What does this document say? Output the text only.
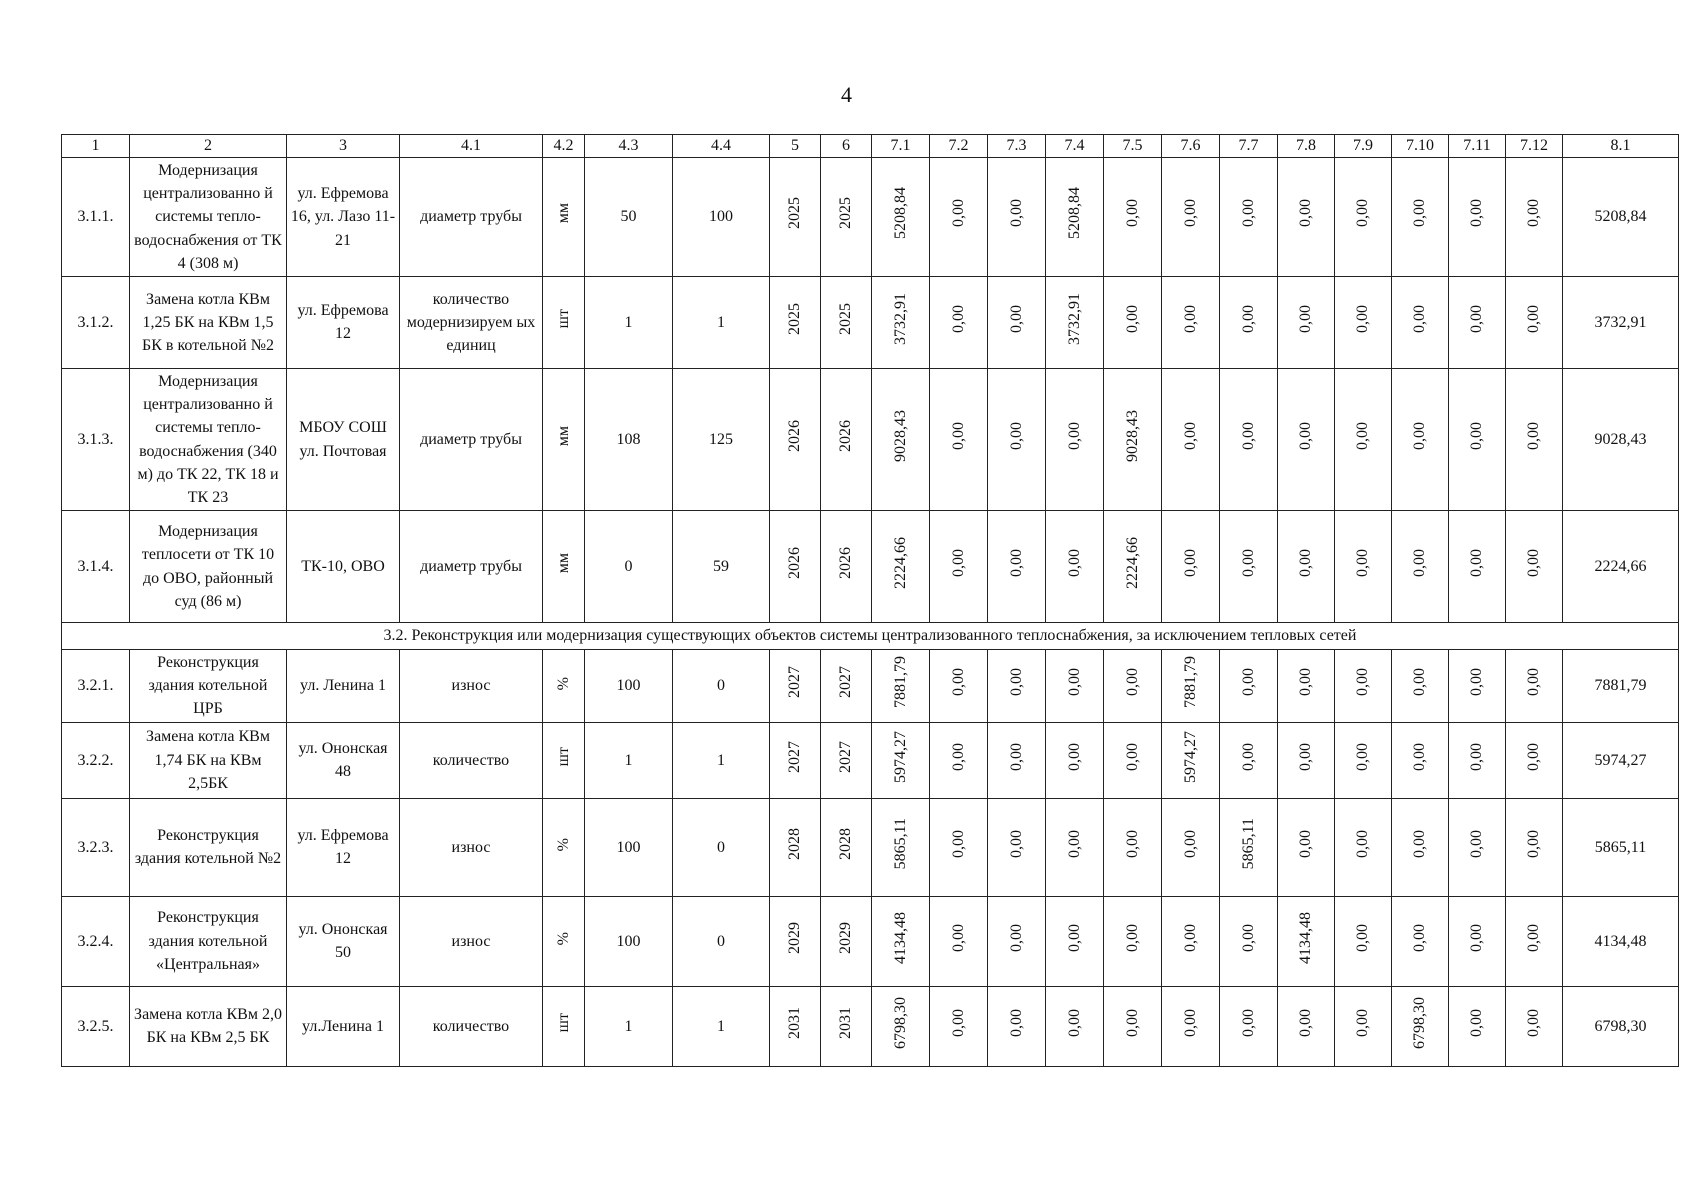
4
1	2	3	4.1	4.2	4.3	4.4	5	6	7.1	7.2	7.3	7.4	7.5	7.6	7.7	7.8	7.9	7.10	7.11	7.12	8.1
3.1.1.	Модернизация централизованно й системы тепло-водоснабжения от ТК 4 (308 м)	ул. Ефремова 16, ул. Лазо 11-21	диаметр трубы	мм	50	100	2025	2025	5208,84	0,00	0,00	5208,84	0,00	0,00	0,00	0,00	0,00	0,00	0,00	0,00	5208,84
3.1.2.	Замена котла КВм 1,25 БК на КВм 1,5 БК в котельной №2	ул. Ефремова 12	количество модернизируем ых единиц	шт	1	1	2025	2025	3732,91	0,00	0,00	3732,91	0,00	0,00	0,00	0,00	0,00	0,00	0,00	0,00	3732,91
3.1.3.	Модернизация централизованно й системы тепло-водоснабжения (340 м) до ТК 22, ТК 18 и ТК 23	МБОУ СОШ ул. Почтовая	диаметр трубы	мм	108	125	2026	2026	9028,43	0,00	0,00	0,00	9028,43	0,00	0,00	0,00	0,00	0,00	0,00	0,00	9028,43
3.1.4.	Модернизация теплосети от ТК 10 до ОВО, районный суд (86 м)	ТК-10, ОВО	диаметр трубы	мм	0	59	2026	2026	2224,66	0,00	0,00	0,00	2224,66	0,00	0,00	0,00	0,00	0,00	0,00	0,00	2224,66
3.2. Реконструкция или модернизация существующих объектов системы централизованного теплоснабжения, за исключением тепловых сетей																					
3.2.1.	Реконструкция здания котельной ЦРБ	ул. Ленина 1	износ	%	100	0	2027	2027	7881,79	0,00	0,00	0,00	0,00	7881,79	0,00	0,00	0,00	0,00	0,00	0,00	7881,79
3.2.2.	Замена котла КВм 1,74 БК на КВм 2,5БК	ул. Ононская 48	количество	шт	1	1	2027	2027	5974,27	0,00	0,00	0,00	0,00	5974,27	0,00	0,00	0,00	0,00	0,00	0,00	5974,27
3.2.3.	Реконструкция здания котельной №2	ул. Ефремова 12	износ	%	100	0	2028	2028	5865,11	0,00	0,00	0,00	0,00	0,00	5865,11	0,00	0,00	0,00	0,00	0,00	5865,11
3.2.4.	Реконструкция здания котельной «Центральная»	ул. Ононская 50	износ	%	100	0	2029	2029	4134,48	0,00	0,00	0,00	0,00	0,00	0,00	4134,48	0,00	0,00	0,00	0,00	4134,48
3.2.5.	Замена котла КВм 2,0 БК на КВм 2,5 БК	ул.Ленина 1	количество	шт	1	1	2031	2031	6798,30	0,00	0,00	0,00	0,00	0,00	0,00	0,00	0,00	6798,30	0,00	0,00	6798,30
